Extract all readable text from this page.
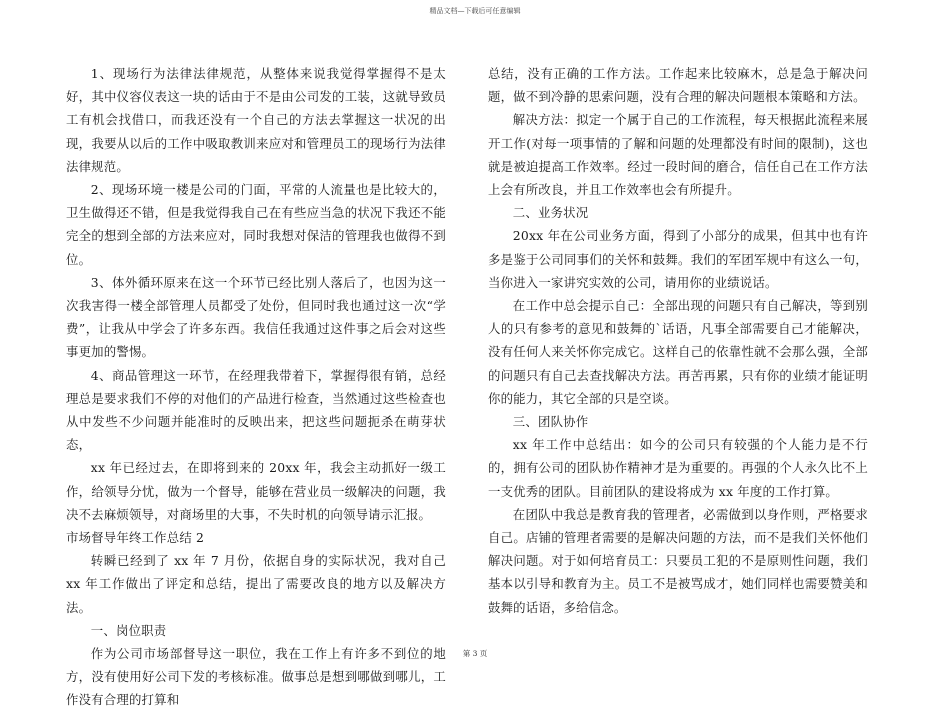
精品文档—下载后可任意编辑

1、现场行为法律法律规范，从整体来说我觉得掌握得不是太好，其中仪容仪表这一块的话由于不是由公司发的工装，这就导致员工有机会找借口，而我还没有一个自己的方法去掌握这一状况的出现，我要从以后的工作中吸取教训来应对和管理员工的现场行为法律法律规范。

2、现场环境一楼是公司的门面，平常的人流量也是比较大的，卫生做得还不错，但是我觉得我自己在有些应当急的状况下我还不能完全的想到全部的方法来应对，同时我想对保洁的管理我也做得不到位。

3、体外循环原来在这一个环节已经比别人落后了，也因为这一次我害得一楼全部管理人员都受了处份，但同时我也通过这一次“学费”，让我从中学会了许多东西。我信任我通过这件事之后会对这些事更加的警惕。

4、商品管理这一环节，在经理我带着下，掌握得很有销，总经理总是要求我们不停的对他们的产品进行检查，当然通过这些检查也从中发些不少问题并能准时的反映出来，把这些问题扼杀在萌芽状态，

xx 年已经过去，在即将到来的 20xx 年，我会主动抓好一级工作，给领导分忧，做为一个督导，能够在营业员一级解决的问题，我决不去麻烦领导，对商场里的大事，不失时机的向领导请示汇报。

市场督导年终工作总结 2

转瞬已经到了 xx 年 7 月份，依据自身的实际状况，我对自己 xx 年工作做出了评定和总结，提出了需要改良的地方以及解决方法。

一、岗位职责

作为公司市场部督导这一职位，我在工作上有许多不到位的地方，没有使用好公司下发的考核标准。做事总是想到哪做到哪儿，工作没有合理的打算和

总结，没有正确的工作方法。工作起来比较麻木，总是急于解决问题，做不到冷静的思索问题，没有合理的解决问题根本策略和方法。

解决方法：拟定一个属于自己的工作流程，每天根据此流程来展开工作(对每一项事情的了解和问题的处理都没有时间的限制)，这也就是被迫提高工作效率。经过一段时间的磨合，信任自己在工作方法上会有所改良，并且工作效率也会有所提升。

二、业务状况

20xx 年在公司业务方面，得到了小部分的成果，但其中也有许多是鉴于公司同事们的关怀和鼓舞。我们的军团军规中有这么一句，当你进入一家讲究实效的公司，请用你的业绩说话。

在工作中总会提示自己：全部出现的问题只有自己解决，等到别人的只有参考的意见和鼓舞的`话语，凡事全部需要自己才能解决，没有任何人来关怀你完成它。这样自己的依靠性就不会那么强，全部的问题只有自己去查找解决方法。再苦再累，只有你的业绩才能证明你的能力，其它全部的只是空谈。

三、团队协作

xx 年工作中总结出：如今的公司只有较强的个人能力是不行的，拥有公司的团队协作精神才是为重要的。再强的个人永久比不上一支优秀的团队。目前团队的建设将成为 xx 年度的工作打算。

在团队中我总是教育我的管理者，必需做到以身作则，严格要求自己。店铺的管理者需要的是解决问题的方法，而不是我们关怀他们解决问题。对于如何培育员工：只要员工犯的不是原则性问题，我们基本以引导和教育为主。员工不是被骂成才，她们同样也需要赞美和鼓舞的话语，多给信念。

第 3 页
